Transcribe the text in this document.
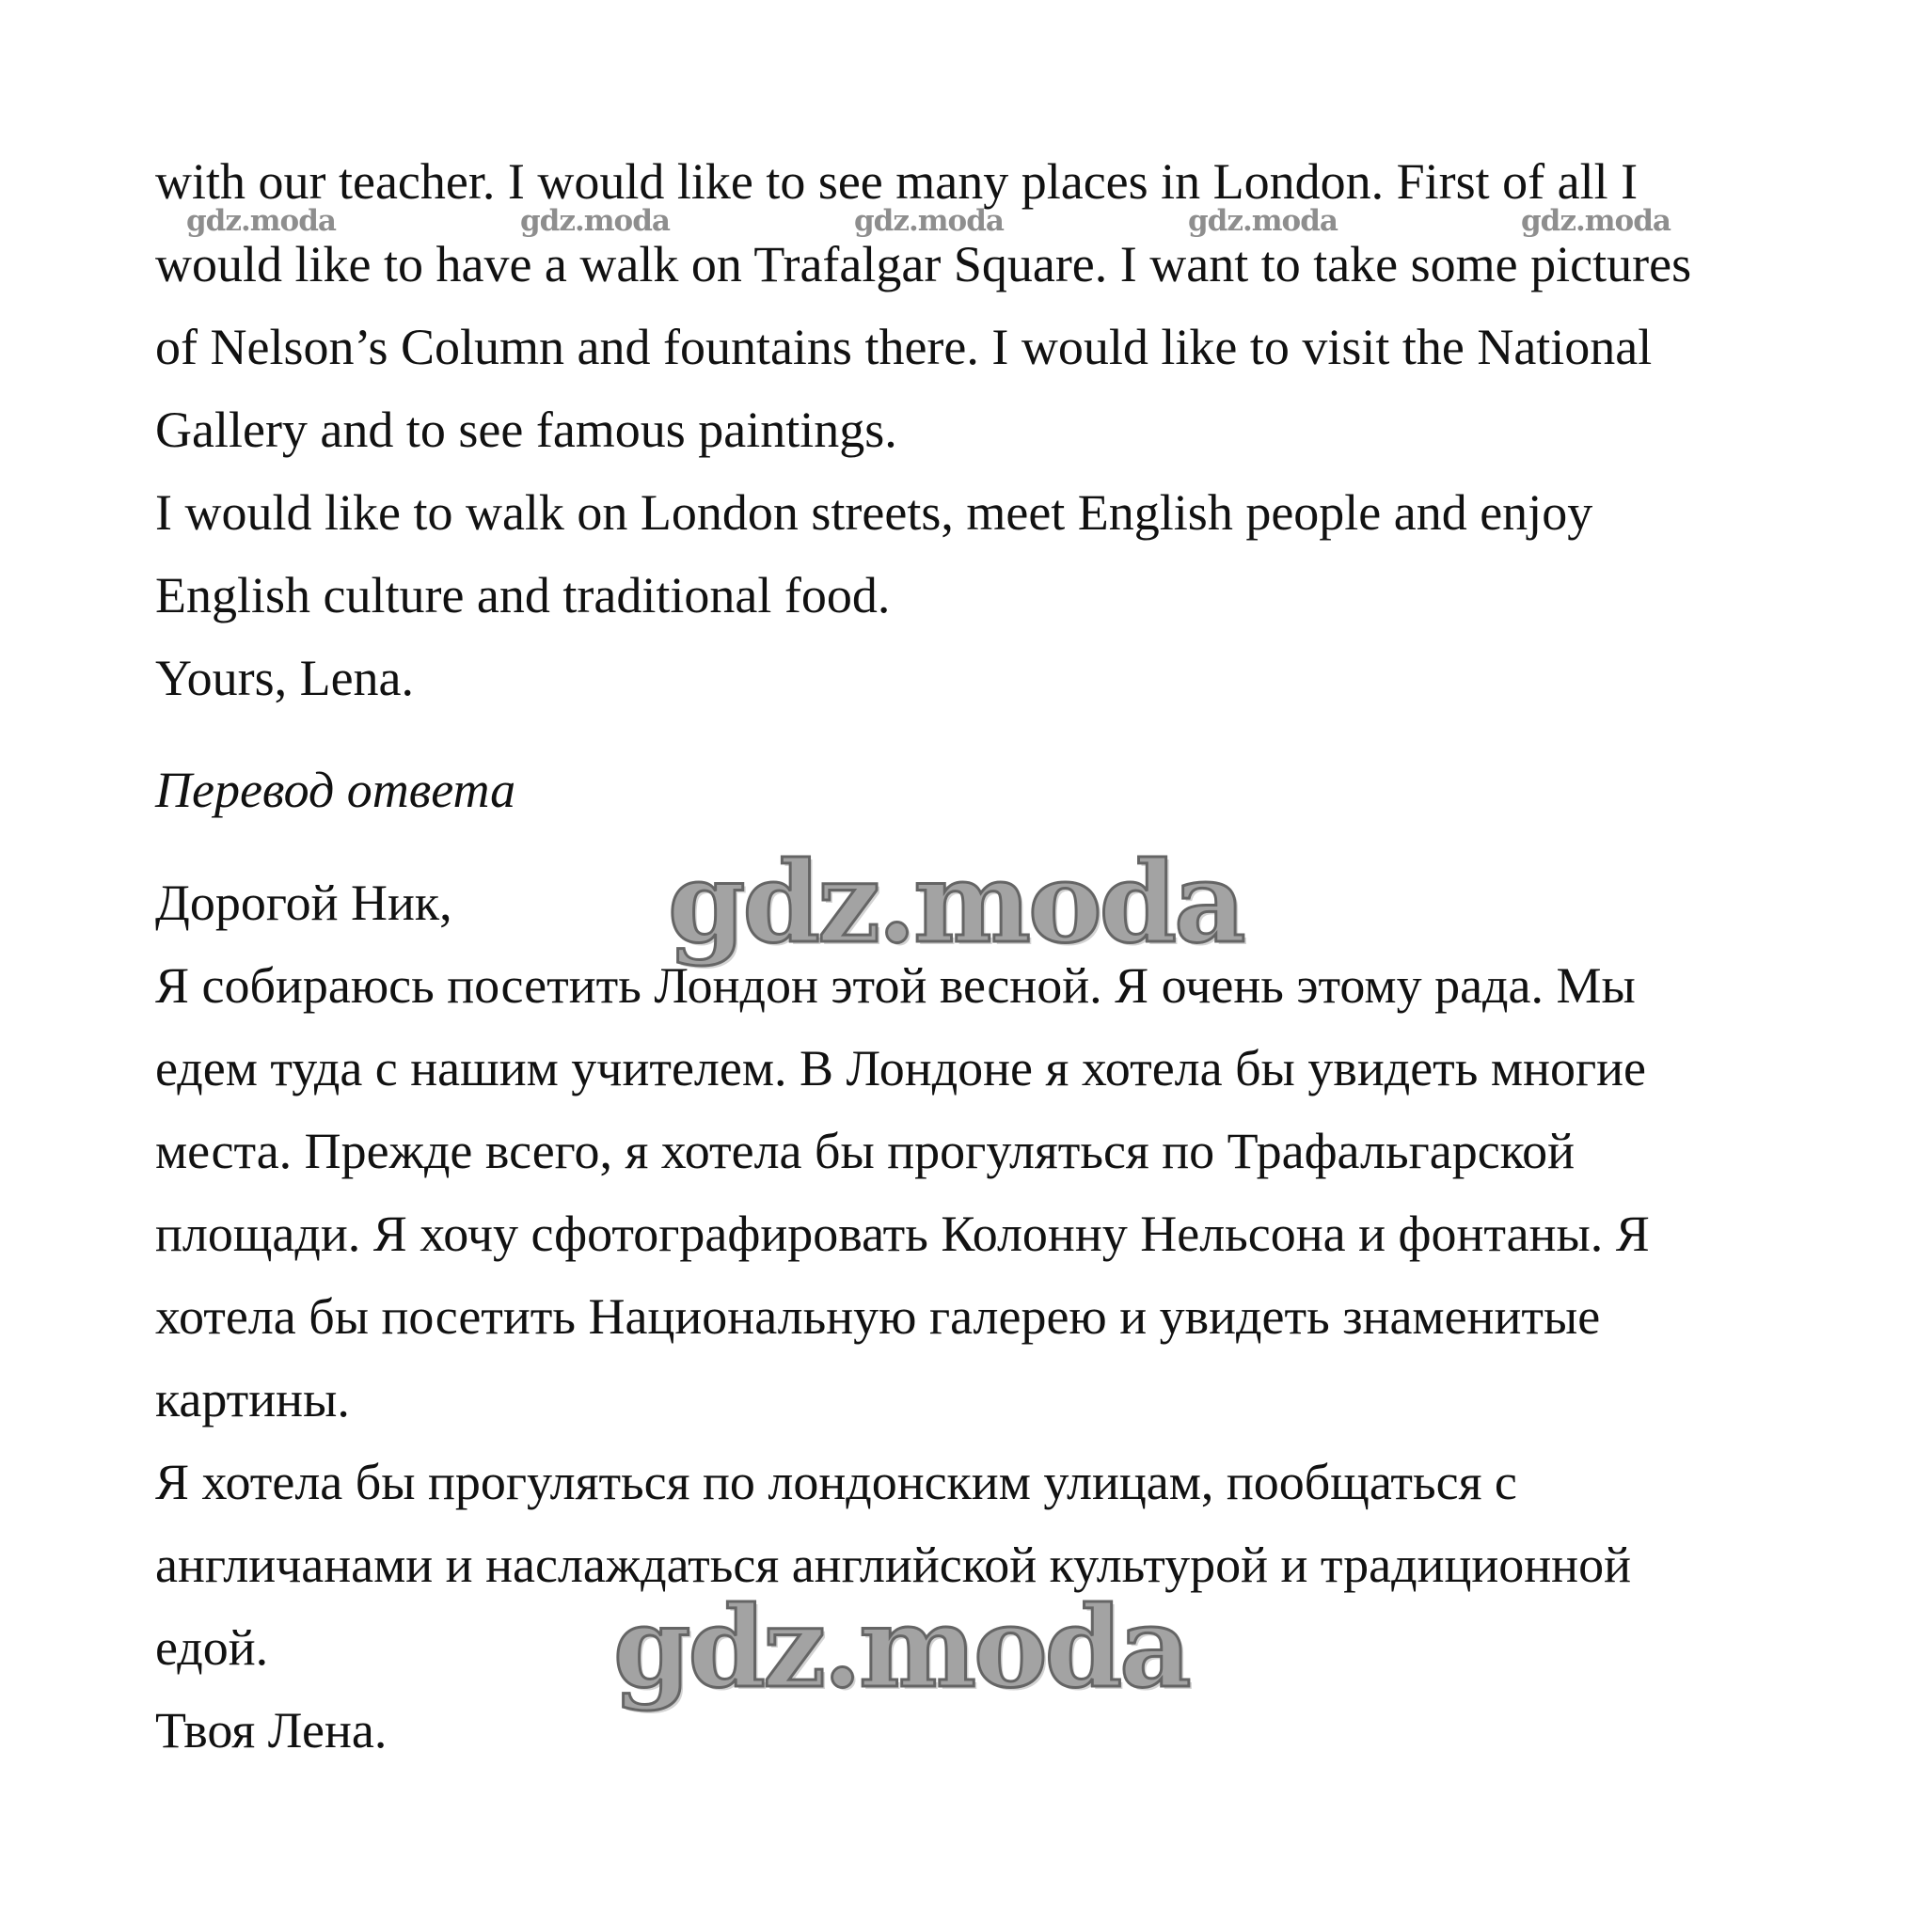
with our teacher. I would like to see many places in London. First of all I
would like to have a walk on Trafalgar Square. I want to take some pictures
of Nelson’s Column and fountains there. I would like to visit the National
Gallery and to see famous paintings.
I would like to walk on London streets, meet English people and enjoy
English culture and traditional food.
Yours, Lena.
gdz.moda	gdz.moda	gdz.moda	gdz.moda	gdz.moda
Перевод ответа
Дорогой Ник,
Я собираюсь посетить Лондон этой весной. Я очень этому рада. Мы
едем туда с нашим учителем. В Лондоне я хотела бы увидеть многие
места. Прежде всего, я хотела бы прогуляться по Трафальгарской
площади. Я хочу сфотографировать Колонну Нельсона и фонтаны. Я
хотела бы посетить Национальную галерею и увидеть знаменитые
картины.
Я хотела бы прогуляться по лондонским улицам, пообщаться с
англичанами и наслаждаться английской культурой и традиционной
едой.
Твоя Лена.
gdz.moda
gdz.moda
